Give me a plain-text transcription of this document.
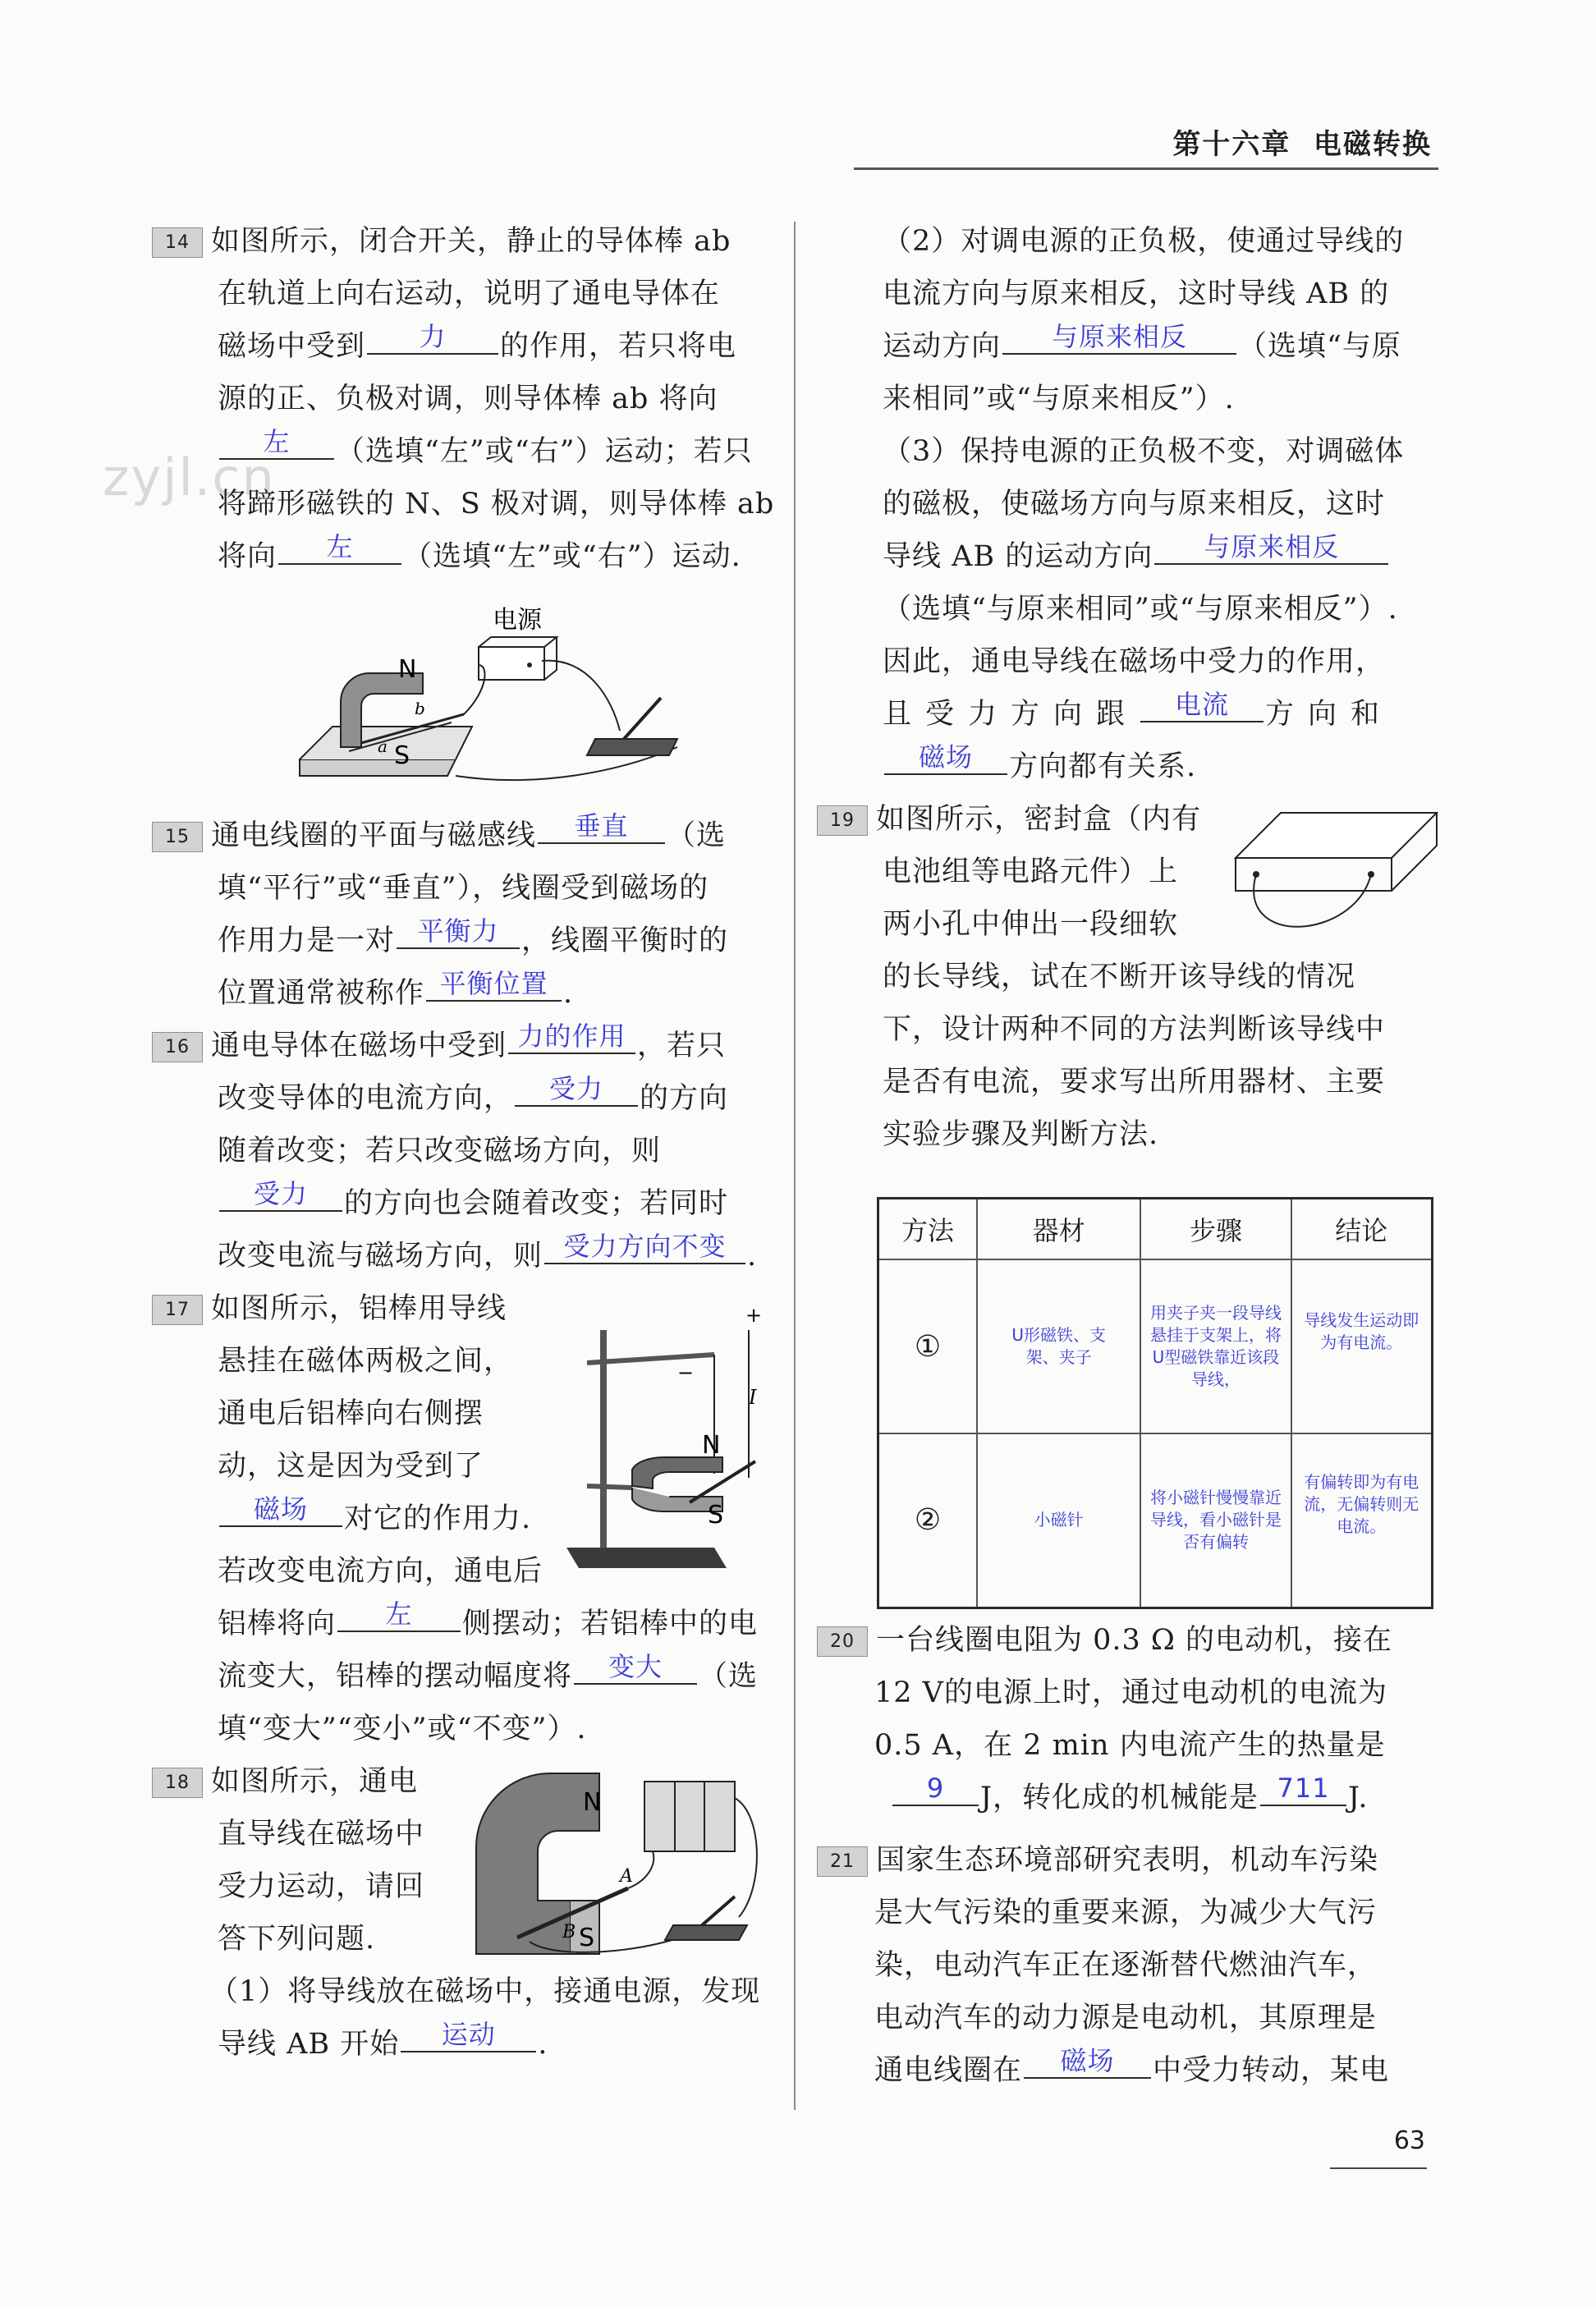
第十六章 电磁转换
zyjl.cn
14 如图所示，闭合开关，静止的导体棒 ab
在轨道上向右运动，说明了通电导体在
磁场中受到 力 的作用，若只将电
源的正、负极对调，则导体棒 ab 将向
左 （选填“左”或“右”）运动；若只
将蹄形磁铁的 N、S 极对调，则导体棒 ab
将向 左 （选填“左”或“右”）运动.
电源
N
S
b
a
15 通电线圈的平面与磁感线 垂直 （选
填“平行”或“垂直”），线圈受到磁场的
作用力是一对 平衡力 ，线圈平衡时的
位置通常被称作 平衡位置 .
16 通电导体在磁场中受到 力的作用 ，若只
改变导体的电流方向， 受力 的方向
随着改变；若只改变磁场方向，则
受力 的方向也会随着改变；若同时
改变电流与磁场方向，则 受力方向不变 .
17 如图所示，铝棒用导线
悬挂在磁体两极之间，
通电后铝棒向右侧摆
动，这是因为受到了
磁场 对它的作用力.
若改变电流方向，通电后
铝棒将向 左 侧摆动；若铝棒中的电
流变大，铝棒的摆动幅度将 变大 （选
填“变大”“变小”或“不变”）.
+
−
I
N
S
18 如图所示，通电
直导线在磁场中
受力运动，请回
答下列问题.
（1）将导线放在磁场中，接通电源，发现
导线 AB 开始 运动 .
N
S
B
A
（2）对调电源的正负极，使通过导线的
电流方向与原来相反，这时导线 AB 的
运动方向 与原来相反 （选填“与原
来相同”或“与原来相反”）.
（3）保持电源的正负极不变，对调磁体
的磁极，使磁场方向与原来相反，这时
导线 AB 的运动方向 与原来相反
（选填“与原来相同”或“与原来相反”）.
因此，通电导线在磁场中受力的作用，
且受力方向跟 电流 方向和
磁场 方向都有关系.
19 如图所示，密封盒（内有
电池组等电路元件）上
两小孔中伸出一段细软
的长导线，试在不断开该导线的情况
下，设计两种不同的方法判断该导线中
是否有电流，要求写出所用器材、主要
实验步骤及判断方法.
方法	器材	步骤	结论
①	U形磁铁、支架、夹子	用夹子夹一段导线悬挂于支架上，将U型磁铁靠近该段导线，	导线发生运动即为有电流。
②	小磁针	将小磁针慢慢靠近导线，看小磁针是否有偏转	有偏转即为有电流，无偏转则无电流。
20 一台线圈电阻为 0.3 Ω 的电动机，接在
12 V的电源上时，通过电动机的电流为
0.5 A，在 2 min 内电流产生的热量是
9 J，转化成的机械能是 711 J.
21 国家生态环境部研究表明，机动车污染
是大气污染的重要来源，为减少大气污
染，电动汽车正在逐渐替代燃油汽车，
电动汽车的动力源是电动机，其原理是
通电线圈在 磁场 中受力转动，某电
63
